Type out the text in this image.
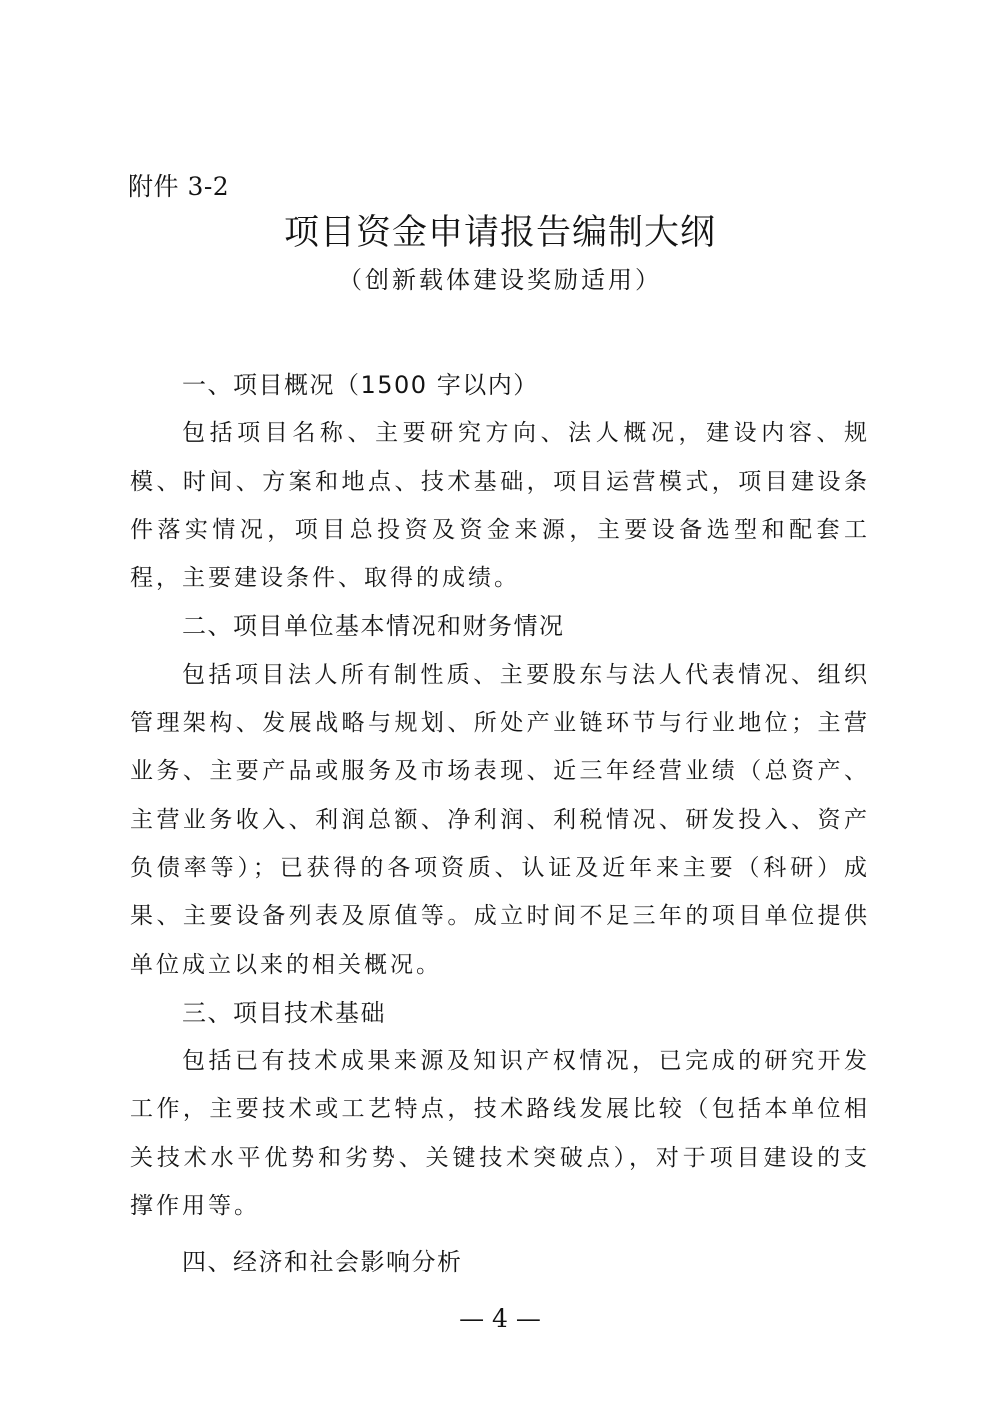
附件 3-2
项目资金申请报告编制大纲
（创新载体建设奖励适用）

一、项目概况（1500 字以内）

包括项目名称、主要研究方向、法人概况，建设内容、规模、时间、方案和地点、技术基础，项目运营模式，项目建设条件落实情况，项目总投资及资金来源，主要设备选型和配套工程，主要建设条件、取得的成绩。

二、项目单位基本情况和财务情况

包括项目法人所有制性质、主要股东与法人代表情况、组织管理架构、发展战略与规划、所处产业链环节与行业地位；主营业务、主要产品或服务及市场表现、近三年经营业绩（总资产、主营业务收入、利润总额、净利润、利税情况、研发投入、资产负债率等）；已获得的各项资质、认证及近年来主要（科研）成果、主要设备列表及原值等。成立时间不足三年的项目单位提供单位成立以来的相关概况。

三、项目技术基础

包括已有技术成果来源及知识产权情况，已完成的研究开发工作，主要技术或工艺特点，技术路线发展比较（包括本单位相关技术水平优势和劣势、关键技术突破点），对于项目建设的支撑作用等。

四、经济和社会影响分析

— 4 —
